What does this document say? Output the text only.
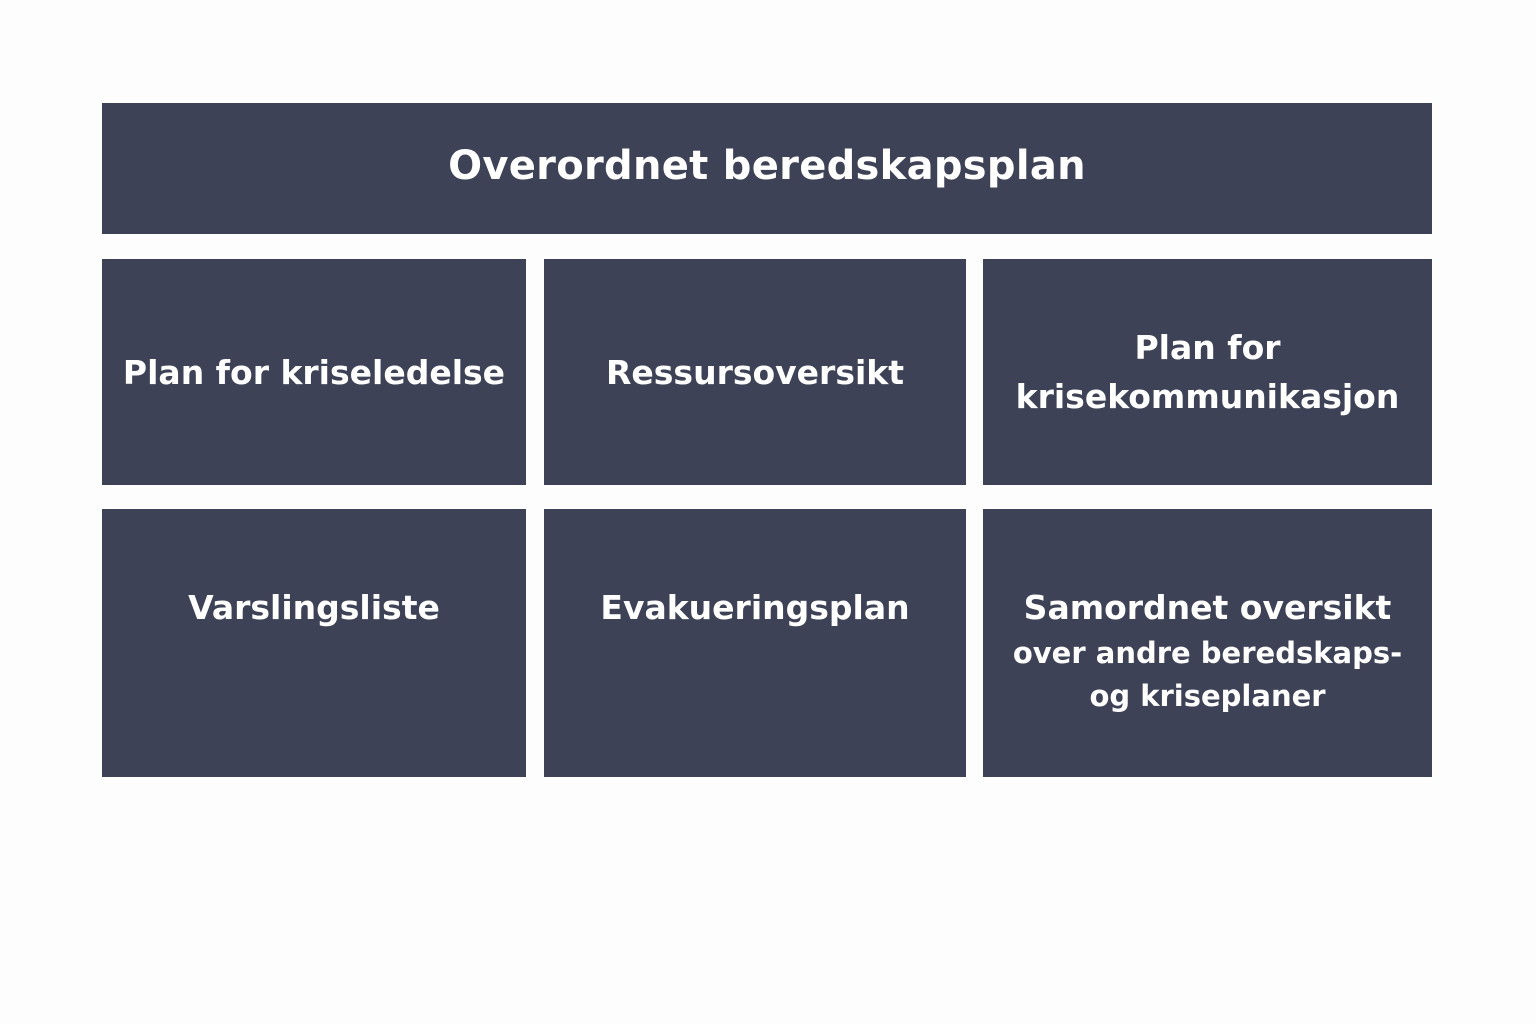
Overordnet beredskapsplan
Plan for kriseledelse	Ressursoversikt
Plan for
krisekommunikasjon
Varslingsliste	Evakueringsplan	Samordnet oversikt
over andre beredskaps-
og kriseplaner
